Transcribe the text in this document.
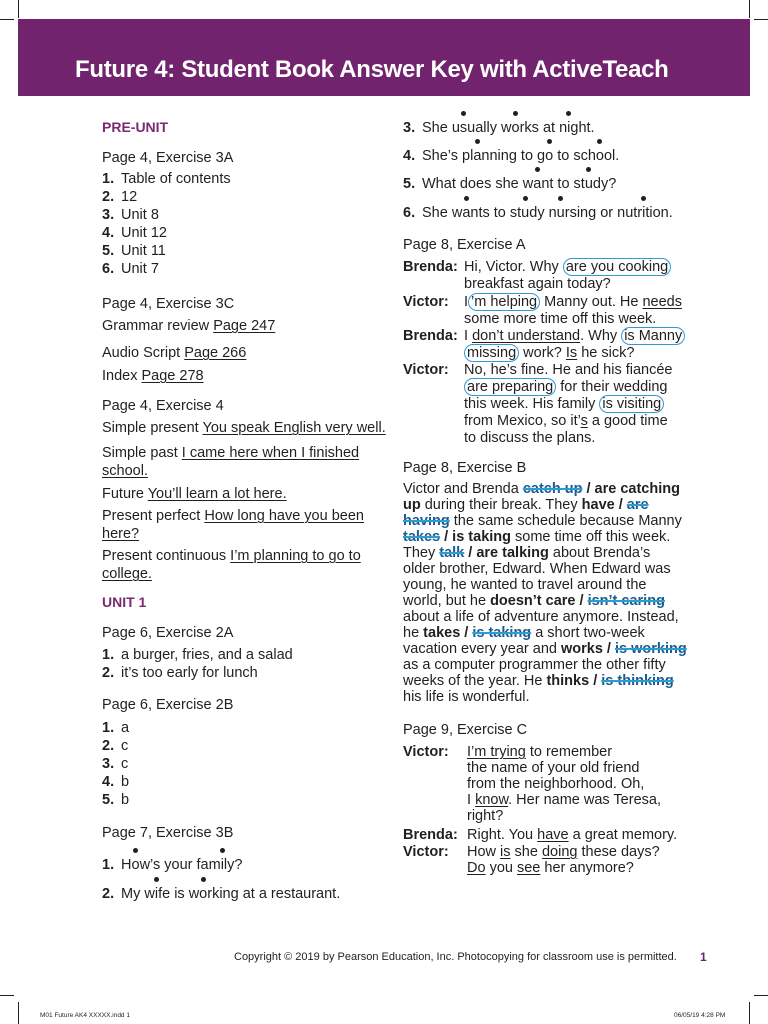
Future 4: Student Book Answer Key with ActiveTeach
PRE-UNIT
Page 4, Exercise 3A
1. Table of contents
2. 12
3. Unit 8
4. Unit 12
5. Unit 11
6. Unit 7
Page 4, Exercise 3C
Grammar review Page 247
Audio Script Page 266
Index Page 278
Page 4, Exercise 4
Simple present You speak English very well.
Simple past I came here when I finished
school.
Future You’ll learn a lot here.
Present perfect How long have you been
here?
Present continuous I’m planning to go to
college.
UNIT 1
Page 6, Exercise 2A
1. a burger, fries, and a salad
2. it’s too early for lunch
Page 6, Exercise 2B
1. a
2. c
3. c
4. b
5. b
Page 7, Exercise 3B
1. How’s your family?
2. My wife is working at a restaurant.
3. She usually works at night.
4. She’s planning to go to school.
5. What does she want to study?
6. She wants to study nursing or nutrition.
Page 8, Exercise A
Brenda:
Victor:
Brenda:
Victor:
Hi, Victor. Why are you cooking
breakfast again today?
I ’m helping Manny out. He needs
some more time off this week.
I don’t understand. Why is Manny
missing work? Is he sick?
No, he’s fine. He and his fiancée
are preparing for their wedding
this week. His family is visiting
from Mexico, so it’s a good time
to discuss the plans.
Page 8, Exercise B
Victor and Brenda catch up / are catching
up during their break. They have / are
having the same schedule because Manny
takes / is taking some time off this week.
They talk / are talking about Brenda’s
older brother, Edward. When Edward was
young, he wanted to travel around the
world, but he doesn’t care / isn’t caring
about a life of adventure anymore. Instead,
he takes / is taking a short two-week
vacation every year and works / is working
as a computer programmer the other fifty
weeks of the year. He thinks / is thinking
his life is wonderful.
Page 9, Exercise C
Victor:
Brenda:
Victor:
I’m trying to remember
the name of your old friend
from the neighborhood. Oh,
I know. Her name was Teresa,
right?
Right. You have a great memory.
How is she doing these days?
Do you see her anymore?
Copyright © 2019 by Pearson Education, Inc. Photocopying for classroom use is permitted. 1
M01 Future AK4 XXXXX.indd 1	06/05/19 4:28 PM
